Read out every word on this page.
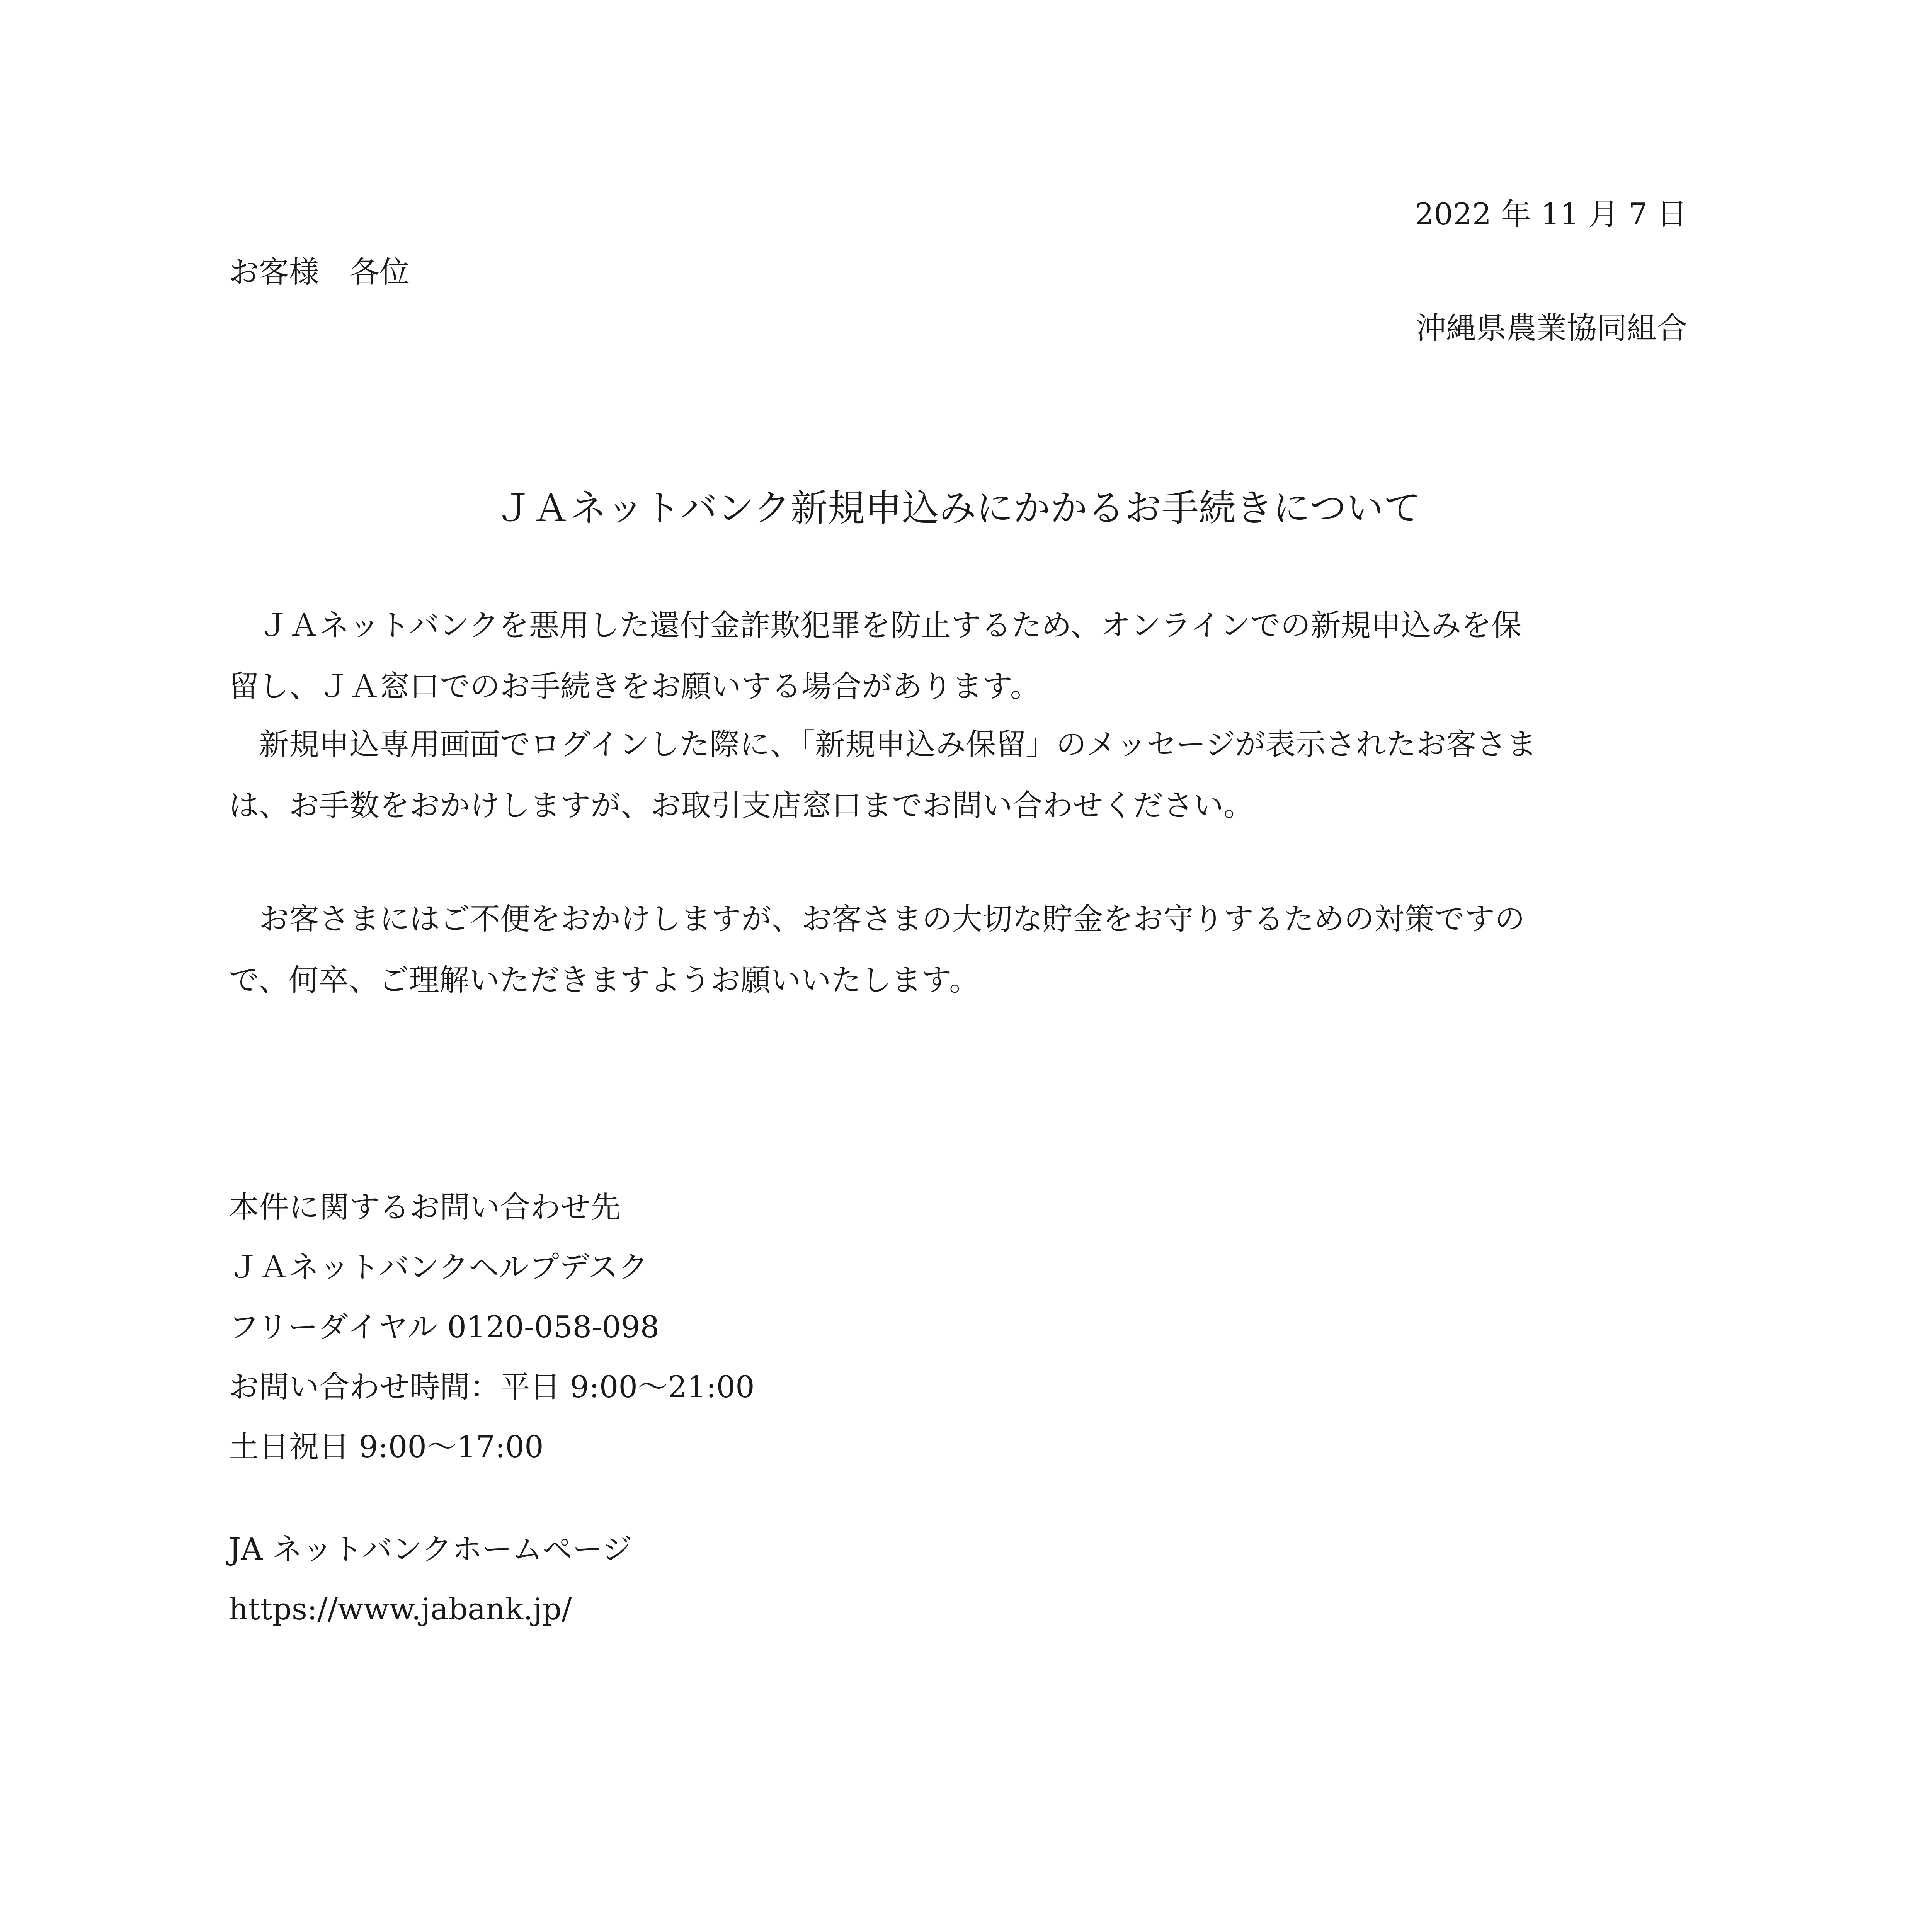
2022 年 11 月 7 日
お客様　各位
沖縄県農業協同組合
ＪＡネットバンク新規申込みにかかるお手続きについて

　ＪＡネットバンクを悪用した還付金詐欺犯罪を防止するため、オンラインでの新規申込みを保

留し、ＪＡ窓口でのお手続きをお願いする場合があります。

　新規申込専用画面でログインした際に、「新規申込み保留」のメッセージが表示されたお客さま

は、お手数をおかけしますが、お取引支店窓口までお問い合わせください。

　お客さまにはご不便をおかけしますが、お客さまの大切な貯金をお守りするための対策ですの

で、何卒、ご理解いただきますようお願いいたします。

本件に関するお問い合わせ先
ＪＡネットバンクヘルプデスク
フリーダイヤル 0120-058-098
お問い合わせ時間：平日 9:00〜21:00
土日祝日 9:00〜17:00
JA ネットバンクホームページ
https://www.jabank.jp/
